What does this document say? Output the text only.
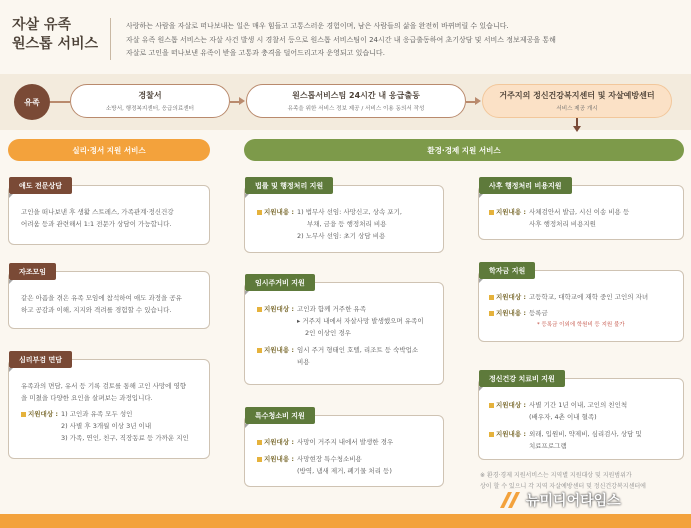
자살 유족
원스톱 서비스
사랑하는 사람을 자살로 떠나보내는 일은 매우 힘들고 고통스러운 경험이며, 남은 사람들의 삶을 완전히 바뀌버릴 수 있습니다.
자살 유족 원스톱 서비스는 자살 사건 발생 시 경찰서 등으로 원스톱 서비스팀이 24시간 내 응급출동하여 초기상담 및 서비스 정보제공을 통해
자살로 고인을 떠나보낸 유족이 받을 고통과 충격을 덜어드리고자 운영되고 있습니다.
유족
경찰서
소방서, 행정복지센터, 응급의료센터
원스톱서비스팀 24시간 내 응급출동
유족을 위한 서비스 정보 제공 / 서비스 이용 동의서 작성
거주지의 정신건강복지센터 및 자살예방센터
서비스 제공 개시
실리·정서 지원 서비스	환경·경제 지원 서비스
애도 전문상담
고인을 떠나보낸 후 생활 스트레스, 가족관계·정신건강
어려움 등과 관련해서 1:1 전문가 상담이 가능합니다.
자조모임
같은 아픔을 겪은 유족 모임에 참석하여 애도 과정을 공유
하고 공감과 이해, 지지와 격려를 경험할 수 있습니다.
심리부검 면담
유족과의 면담, 유서 등 기록 검토를 통해 고인 사망에 영향
을 미쳤을 다양한 요인을 살펴보는 과정입니다.
지원대상 : 1) 고인과 유족 모두 성인
2) 사별 후 3개월 이상 3년 이내
3) 가족, 연인, 친구, 직장동료 등 가까운 지인
법률 및 행정처리 지원
지원내용 : 1) 법무사 선임: 사망신고, 상속 포기,
부채, 금융 등 행정처리 비용
2) 노무사 선임: 초기 상담 비용
임시주거비 지원
지원대상 : 고인과 함께 거주한 유족
▸ 거주지 내에서 자살사망 발생했으며 유족이
2인 이상인 경우
지원내용 : 임시 주거 형태인 호텔, 리조트 등 숙박업소
비용
특수청소비 지원
지원대상 : 사망이 거주지 내에서 발생한 경우
지원내용 : 사망현장 특수청소비용
(방역, 냄새 제거, 폐기물 처리 등)
사후 행정처리 비용지원
지원내용 : 사체검안서 발급, 시신 이송 비용 등
사후 행정처리 비용지원
학자금 지원
지원대상 : 고등학교, 대학교에 재학 중인 고인의 자녀
지원내용 : 등록금
* 등록금 이외에 학원비 등 지원 불가
정신건강 치료비 지원
지원대상 : 사별 기간 1년 이내, 고인의 친인척
(배우자, 4촌 이내 혈족)
지원내용 : 외래, 입원비, 약제비, 심리검사, 상담 및
치료프로그램
※ 환경·경제 지원서비스는 지역별 지원대상 및 지원범위가
상이 할 수 있으니 각 지역 자살예방센터 및 정신건강복지센터에
뉴미디어타임스
